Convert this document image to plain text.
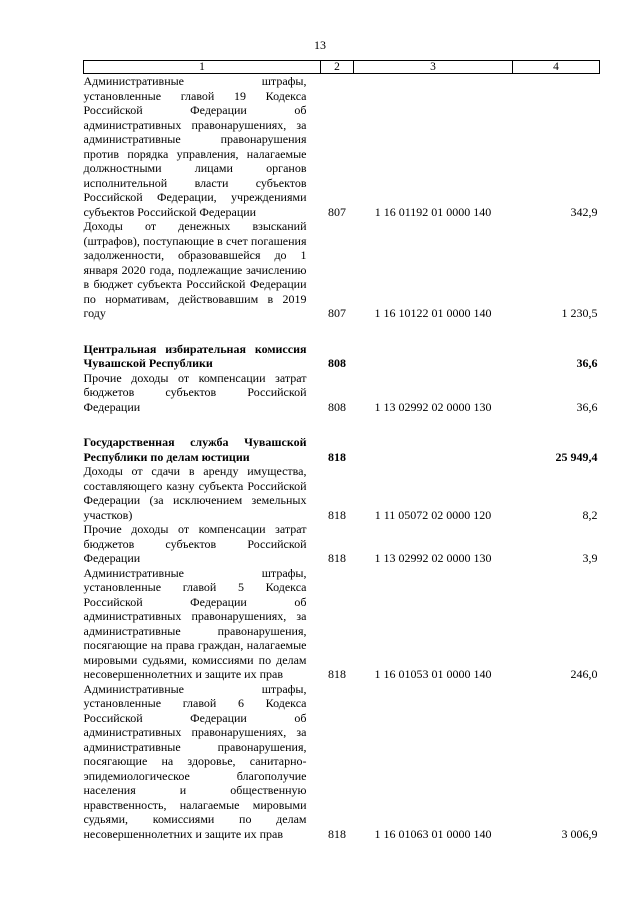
13
1	2	3	4
Административные штрафы, установленные главой 19 Кодекса Российской Федерации об административных правонарушениях, за административные правонарушения против порядка управления, налагаемые должностными лицами органов исполнительной власти субъектов Российской Федерации, учреждениями субъектов Российской Федерации	807	1 16 01192 01 0000 140	342,9
Доходы от денежных взысканий (штрафов), поступающие в счет погашения задолженности, образовавшейся до 1 января 2020 года, подлежащие зачислению в бюджет субъекта Российской Федерации по нормативам, действовавшим в 2019 году	807	1 16 10122 01 0000 140	1 230,5

Центральная избирательная комиссия Чувашской Республики	808		36,6
Прочие доходы от компенсации затрат бюджетов субъектов Российской Федерации	808	1 13 02992 02 0000 130	36,6

Государственная служба Чувашской Республики по делам юстиции	818		25 949,4
Доходы от сдачи в аренду имущества, составляющего казну субъекта Российской Федерации (за исключением земельных участков)	818	1 11 05072 02 0000 120	8,2
Прочие доходы от компенсации затрат бюджетов субъектов Российской Федерации	818	1 13 02992 02 0000 130	3,9
Административные штрафы, установленные главой 5 Кодекса Российской Федерации об административных правонарушениях, за административные правонарушения, посягающие на права граждан, налагаемые мировыми судьями, комиссиями по делам несовершеннолетних и защите их прав	818	1 16 01053 01 0000 140	246,0
Административные штрафы, установленные главой 6 Кодекса Российской Федерации об административных правонарушениях, за административные правонарушения, посягающие на здоровье, санитарно-эпидемиологическое благополучие населения и общественную нравственность, налагаемые мировыми судьями, комиссиями по делам несовершеннолетних и защите их прав	818	1 16 01063 01 0000 140	3 006,9
